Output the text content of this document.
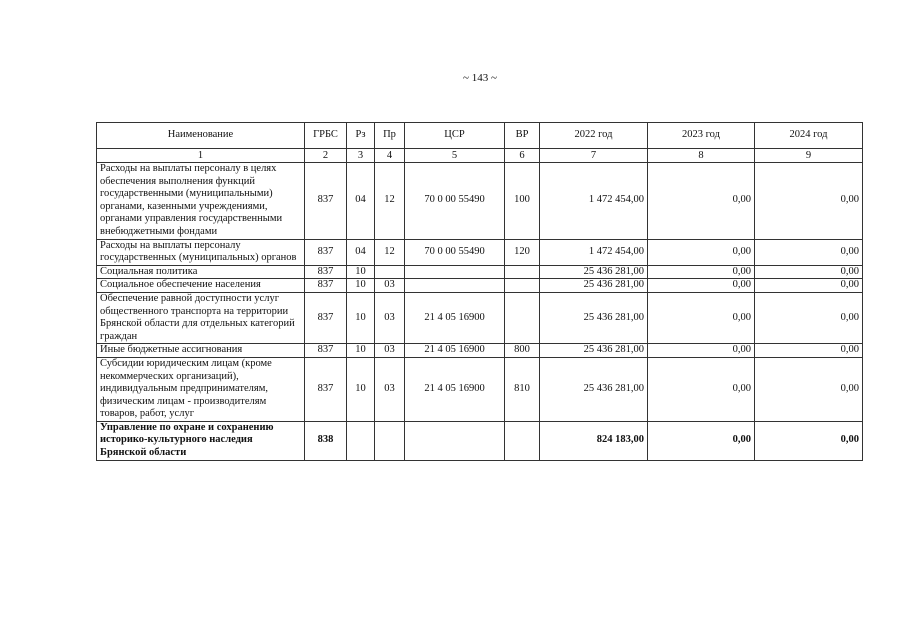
~ 143 ~
Наименование	ГРБС	Рз	Пр	ЦСР	ВР	2022 год	2023 год	2024 год
1	2	3	4	5	6	7	8	9
Расходы на выплаты персоналу в целях обеспечения выполнения функций государственными (муниципальными) органами, казенными учреждениями, органами управления государственными внебюджетными фондами	837	04	12	70 0 00 55490	100	1 472 454,00	0,00	0,00
Расходы на выплаты персоналу государственных (муниципальных) органов	837	04	12	70 0 00 55490	120	1 472 454,00	0,00	0,00
Социальная политика	837	10				25 436 281,00	0,00	0,00
Социальное обеспечение населения	837	10	03			25 436 281,00	0,00	0,00
Обеспечение равной доступности услуг общественного транспорта на территории Брянской области для отдельных категорий граждан	837	10	03	21 4 05 16900		25 436 281,00	0,00	0,00
Иные бюджетные ассигнования	837	10	03	21 4 05 16900	800	25 436 281,00	0,00	0,00
Субсидии юридическим лицам (кроме некоммерческих организаций), индивидуальным предпринимателям, физическим лицам - производителям товаров, работ, услуг	837	10	03	21 4 05 16900	810	25 436 281,00	0,00	0,00
Управление по охране и сохранению историко-культурного наследия Брянской области	838					824 183,00	0,00	0,00
